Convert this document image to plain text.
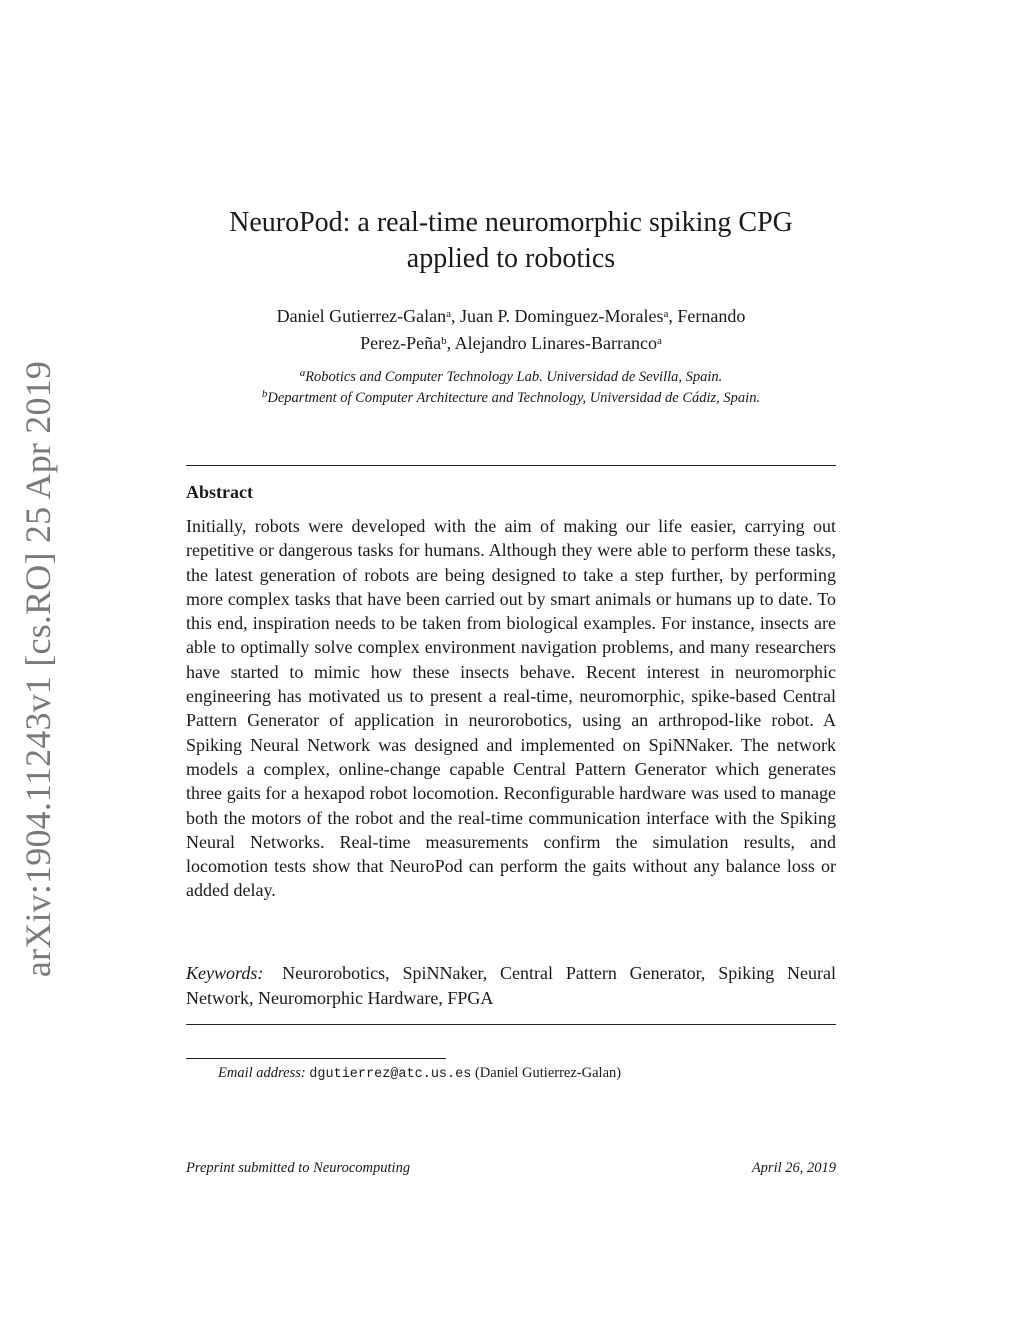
arXiv:1904.11243v1 [cs.RO] 25 Apr 2019
NeuroPod: a real-time neuromorphic spiking CPG
applied to robotics
Daniel Gutierrez-Galan$^a$, Juan P. Dominguez-Morales$^a$, Fernando
Perez-Peña$^b$, Alejandro Linares-Barranco$^a$
$^a$Robotics and Computer Technology Lab. Universidad de Sevilla, Spain.
$^b$Department of Computer Architecture and Technology, Universidad de Cádiz, Spain.
Abstract
Initially, robots were developed with the aim of making our life easier, carrying out repetitive or dangerous tasks for humans. Although they were able to perform these tasks, the latest generation of robots are being designed to take a step further, by performing more complex tasks that have been carried out by smart animals or humans up to date. To this end, inspiration needs to be taken from biological examples. For instance, insects are able to optimally solve complex environment navigation problems, and many researchers have started to mimic how these insects behave. Recent interest in neuromorphic engineering has motivated us to present a real-time, neuromorphic, spike-based Central Pattern Generator of application in neurorobotics, using an arthropod-like robot. A Spiking Neural Network was designed and implemented on SpiNNaker. The network models a complex, online-change capable Central Pattern Generator which generates three gaits for a hexapod robot locomotion. Reconfigurable hardware was used to manage both the motors of the robot and the real-time communication interface with the Spiking Neural Networks. Real-time measurements confirm the simulation results, and locomotion tests show that NeuroPod can perform the gaits without any balance loss or added delay.
Keywords: Neurorobotics, SpiNNaker, Central Pattern Generator, Spiking Neural Network, Neuromorphic Hardware, FPGA
Email address: dgutierrez@atc.us.es (Daniel Gutierrez-Galan)
Preprint submitted to Neurocomputing	April 26, 2019
